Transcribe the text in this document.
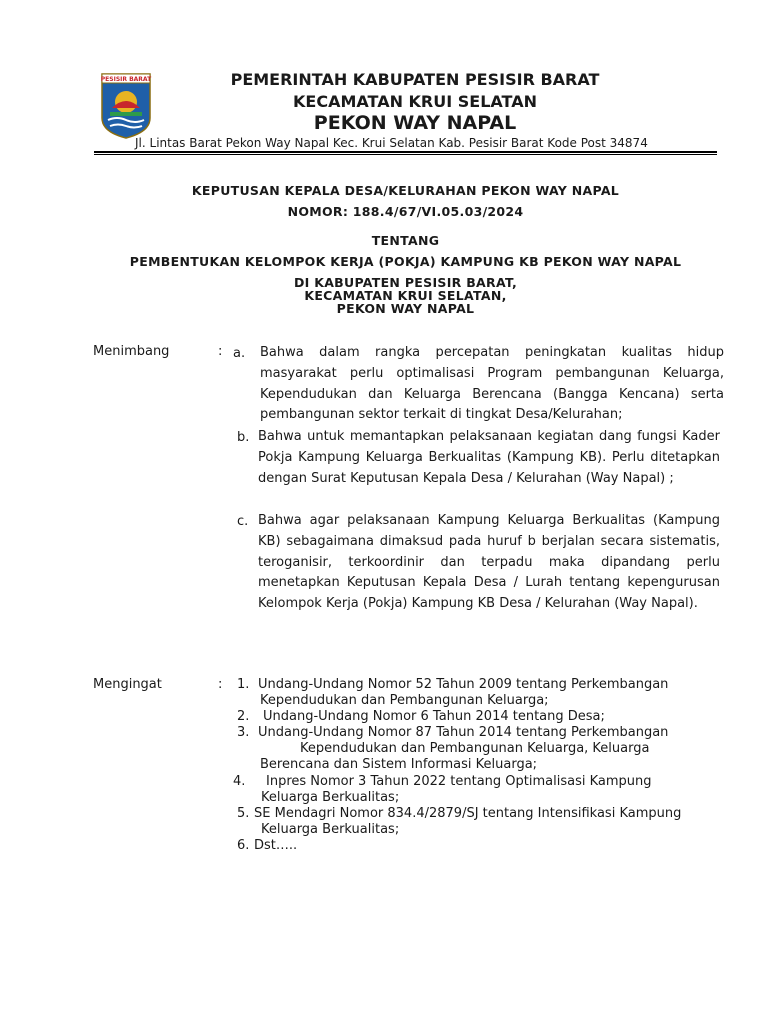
PESISIR BARAT	PEMERINTAH KABUPATEN PESISIR BARAT
KECAMATAN KRUI SELATAN
PEKON WAY NAPAL
Jl. Lintas Barat Pekon Way Napal Kec. Krui Selatan Kab. Pesisir Barat Kode Post 34874
KEPUTUSAN KEPALA DESA/KELURAHAN PEKON WAY NAPAL
NOMOR: 188.4/67/VI.05.03/2024
TENTANG
PEMBENTUKAN KELOMPOK KERJA (POKJA) KAMPUNG KB PEKON WAY NAPAL
DI KABUPATEN PESISIR BARAT,
KECAMATAN KRUI SELATAN,
PEKON WAY NAPAL
Menimbang	: a. Bahwa dalam rangka percepatan peningkatan kualitas hidup masyarakat perlu optimalisasi Program pembangunan Keluarga, Kependudukan dan Keluarga Berencana (Bangga Kencana) serta pembangunan sektor terkait di tingkat Desa/Kelurahan;
b. Bahwa untuk memantapkan pelaksanaan kegiatan dang fungsi Kader Pokja Kampung Keluarga Berkualitas (Kampung KB). Perlu ditetapkan dengan Surat Keputusan Kepala Desa / Kelurahan (Way Napal) ;
c. Bahwa agar pelaksanaan Kampung Keluarga Berkualitas (Kampung KB) sebagaimana dimaksud pada huruf b berjalan secara sistematis, teroganisir, terkoordinir dan terpadu maka dipandang perlu menetapkan Keputusan Kepala Desa / Lurah tentang kepengurusan Kelompok Kerja (Pokja) Kampung KB Desa / Kelurahan (Way Napal).
Mengingat	: 1. Undang-Undang Nomor 52 Tahun 2009 tentang Perkembangan
Kependudukan dan Pembangunan Keluarga;
2. Undang-Undang Nomor 6 Tahun 2014 tentang Desa;
3. Undang-Undang Nomor 87 Tahun 2014 tentang Perkembangan
Kependudukan dan Pembangunan Keluarga, Keluarga
Berencana dan Sistem Informasi Keluarga;
4. Inpres Nomor 3 Tahun 2022 tentang Optimalisasi Kampung
Keluarga Berkualitas;
5. SE Mendagri Nomor 834.4/2879/SJ tentang Intensifikasi Kampung
Keluarga Berkualitas;
6. Dst…..
